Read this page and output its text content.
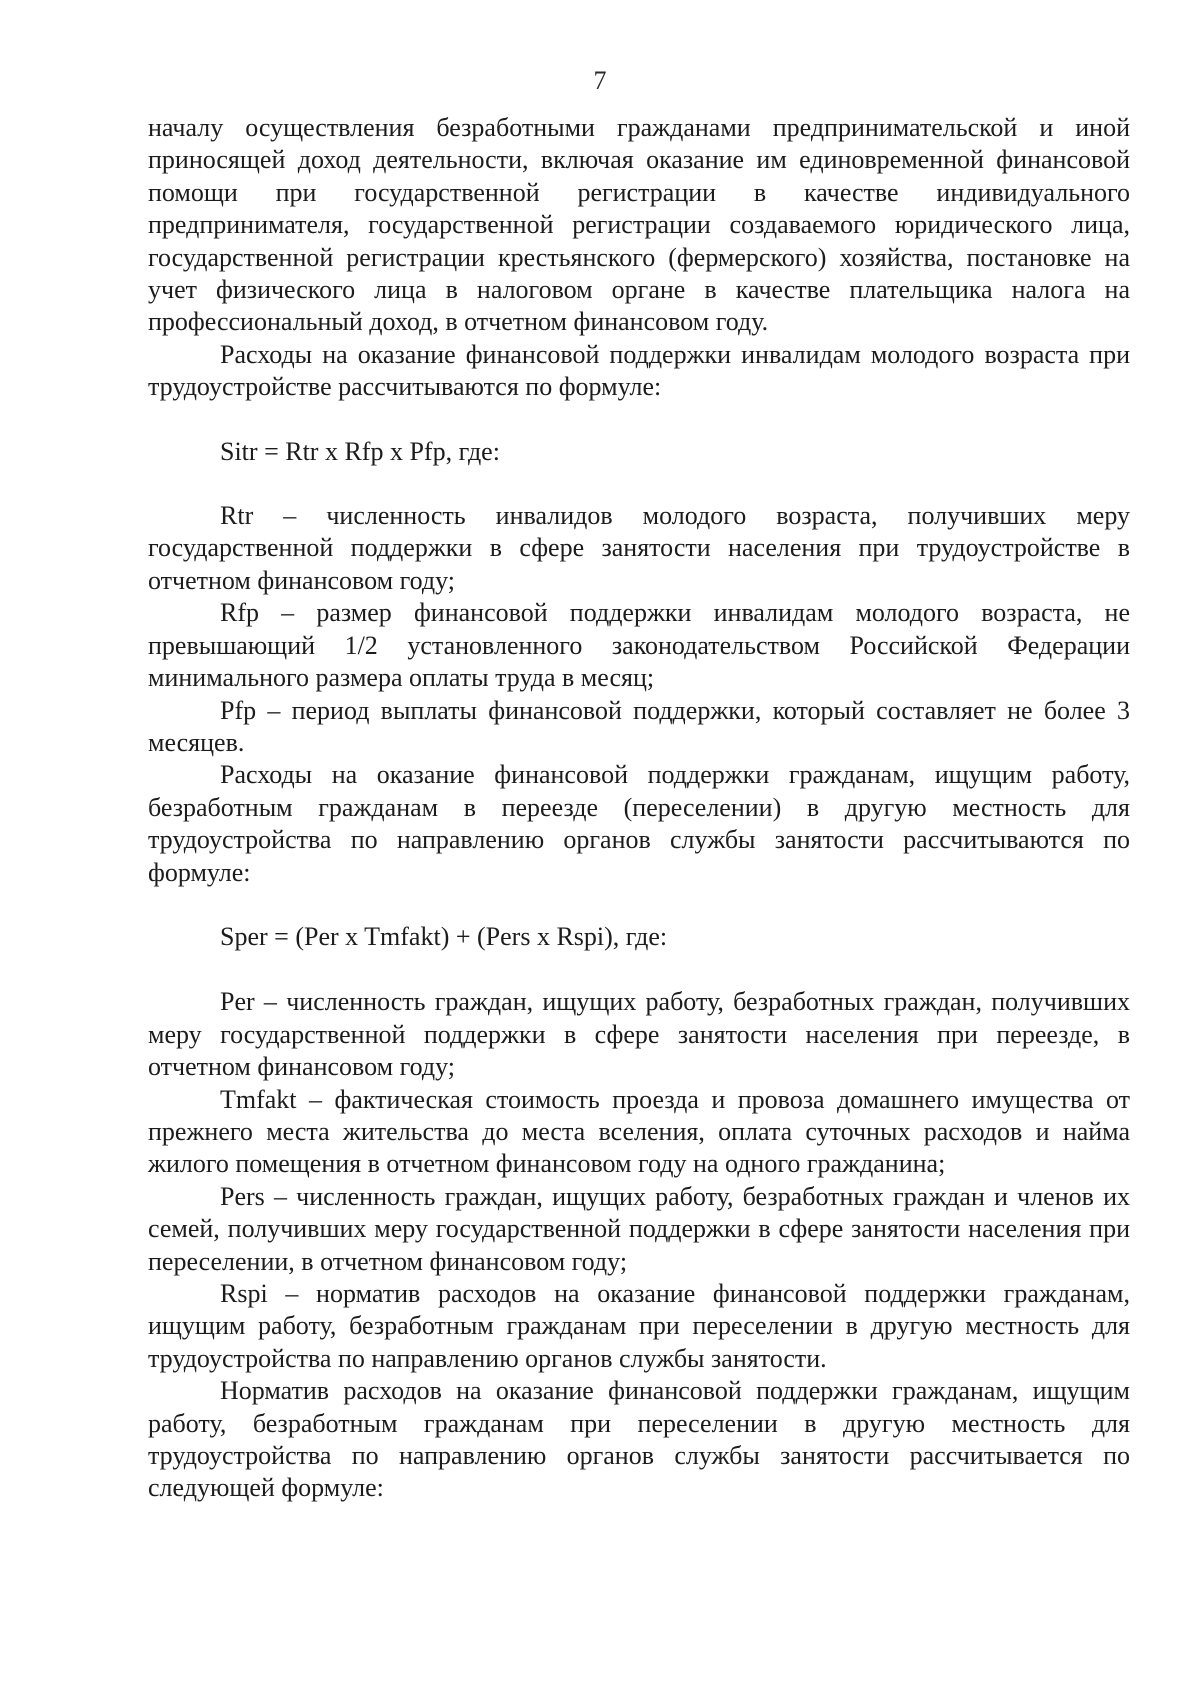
7

началу осуществления безработными гражданами предпринимательской и иной приносящей доход деятельности, включая оказание им единовременной финансовой помощи при государственной регистрации в качестве индивидуального предпринимателя, государственной регистрации создаваемого юридического лица, государственной регистрации крестьянского (фермерского) хозяйства, постановке на учет физического лица в налоговом органе в качестве плательщика налога на профессиональный доход, в отчетном финансовом году.

Расходы на оказание финансовой поддержки инвалидам молодого возраста при трудоустройстве рассчитываются по формуле:

Sitr = Rtr x Rfp x Pfp, где:

Rtr – численность инвалидов молодого возраста, получивших меру государственной поддержки в сфере занятости населения при трудоустройстве в отчетном финансовом году;

Rfp – размер финансовой поддержки инвалидам молодого возраста, не превышающий 1/2 установленного законодательством Российской Федерации минимального размера оплаты труда в месяц;

Pfp – период выплаты финансовой поддержки, который составляет не более 3 месяцев.

Расходы на оказание финансовой поддержки гражданам, ищущим работу, безработным гражданам в переезде (переселении) в другую местность для трудоустройства по направлению органов службы занятости рассчитываются по формуле:

Sper = (Per x Tmfakt) + (Pers x Rspi), где:

Per – численность граждан, ищущих работу, безработных граждан, получивших меру государственной поддержки в сфере занятости населения при переезде, в отчетном финансовом году;

Tmfakt – фактическая стоимость проезда и провоза домашнего имущества от прежнего места жительства до места вселения, оплата суточных расходов и найма жилого помещения в отчетном финансовом году на одного гражданина;

Pers – численность граждан, ищущих работу, безработных граждан и членов их семей, получивших меру государственной поддержки в сфере занятости населения при переселении, в отчетном финансовом году;

Rspi – норматив расходов на оказание финансовой поддержки гражданам, ищущим работу, безработным гражданам при переселении в другую местность для трудоустройства по направлению органов службы занятости.

Норматив расходов на оказание финансовой поддержки гражданам, ищущим работу, безработным гражданам при переселении в другую местность для трудоустройства по направлению органов службы занятости рассчитывается по следующей формуле:
